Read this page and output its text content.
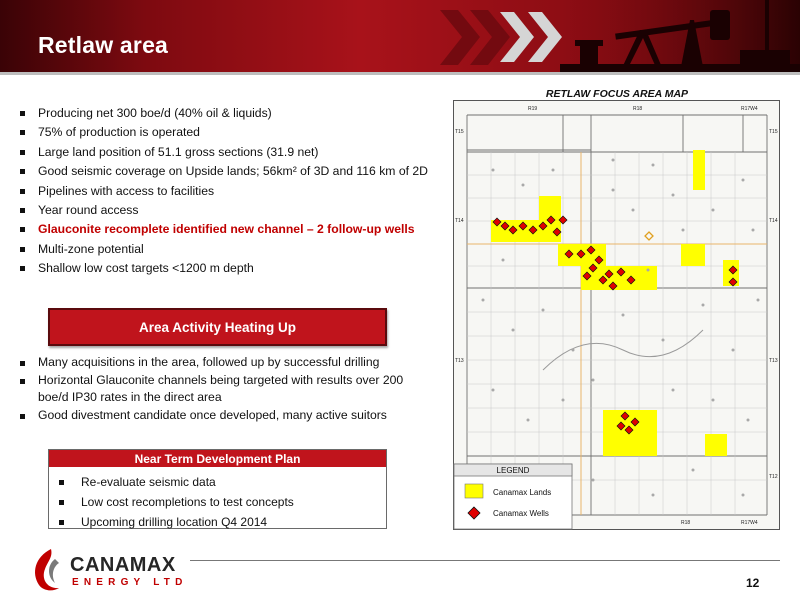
Retlaw area
Producing net 300 boe/d (40% oil & liquids)
75% of production is operated
Large land position of 51.1 gross sections (31.9 net)
Good seismic coverage on Upside lands; 56km² of 3D and 116 km of 2D
Pipelines with access to facilities
Year round access
Glauconite recomplete identified new channel – 2 follow-up wells
Multi-zone potential
Shallow low cost targets <1200 m depth
Area Activity Heating Up
Many acquisitions in the area, followed up by successful drilling
Horizontal Glauconite channels being targeted with results over 200 boe/d IP30 rates in the direct area
Good divestment candidate once developed, many active suitors
Near Term Development Plan
Re-evaluate seismic data
Low cost recompletions to test concepts
Upcoming drilling location Q4 2014
RETLAW FOCUS AREA MAP
R19	R18	R17W4
R18	R17W4
T15
T14
T13
T15
T14
T13
T12
LEGEND
Canamax Lands
Canamax Wells
CANAMAX
ENERGY LTD	12
